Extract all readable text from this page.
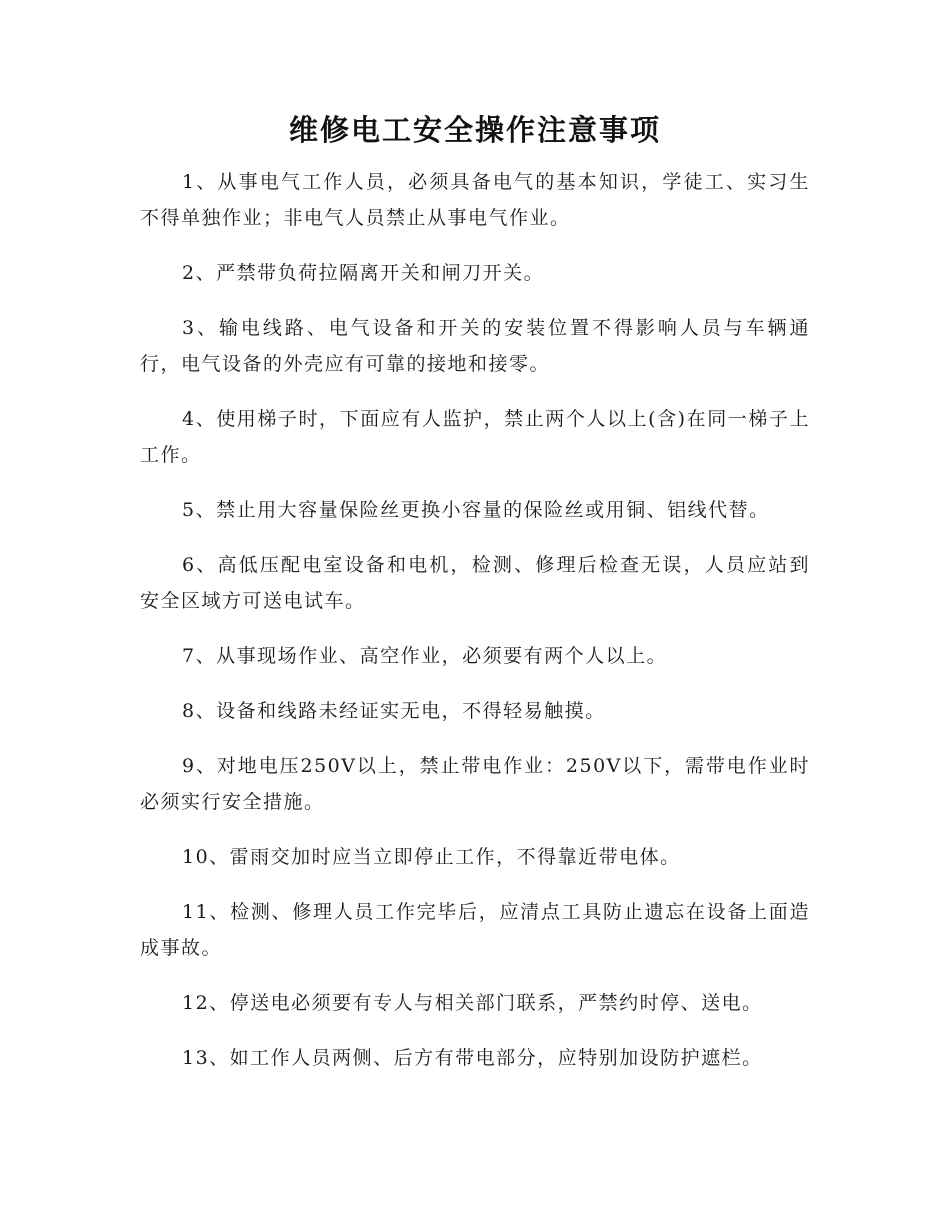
维修电工安全操作注意事项

1、从事电气工作人员，必须具备电气的基本知识，学徒工、实习生不得单独作业；非电气人员禁止从事电气作业。

2、严禁带负荷拉隔离开关和闸刀开关。

3、输电线路、电气设备和开关的安装位置不得影响人员与车辆通行，电气设备的外壳应有可靠的接地和接零。

4、使用梯子时，下面应有人监护，禁止两个人以上(含)在同一梯子上工作。

5、禁止用大容量保险丝更换小容量的保险丝或用铜、铝线代替。

6、高低压配电室设备和电机，检测、修理后检查无误，人员应站到安全区域方可送电试车。

7、从事现场作业、高空作业，必须要有两个人以上。

8、设备和线路未经证实无电，不得轻易触摸。

9、对地电压250V以上，禁止带电作业：250V以下，需带电作业时必须实行安全措施。

10、雷雨交加时应当立即停止工作，不得靠近带电体。

11、检测、修理人员工作完毕后，应清点工具防止遗忘在设备上面造成事故。

12、停送电必须要有专人与相关部门联系，严禁约时停、送电。

13、如工作人员两侧、后方有带电部分，应特别加设防护遮栏。
